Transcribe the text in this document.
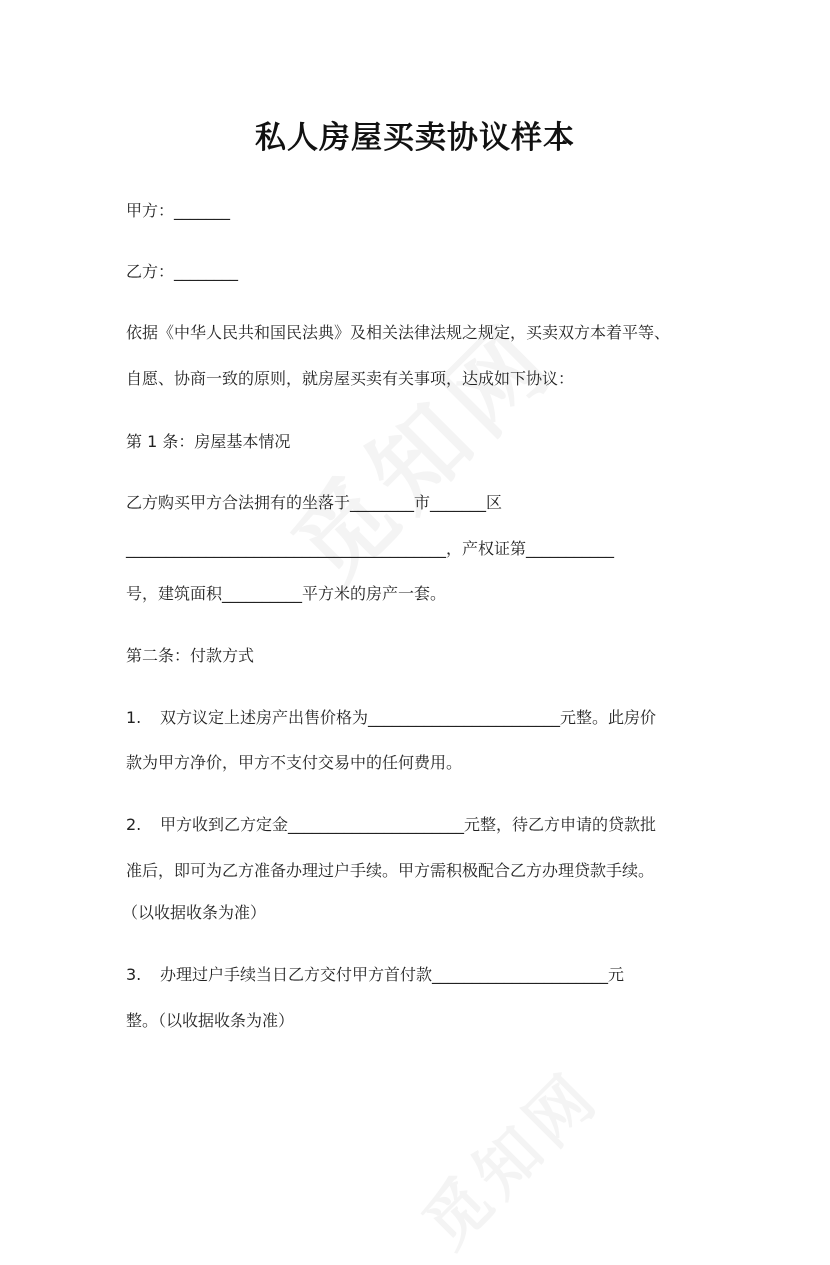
私人房屋买卖协议样本
甲方：_______
乙方：________
依据《中华人民共和国民法典》及相关法律法规之规定，买卖双方本着平等、
自愿、协商一致的原则，就房屋买卖有关事项，达成如下协议：
第 1 条：房屋基本情况
乙方购买甲方合法拥有的坐落于________市_______区
________________________________________，产权证第___________
号，建筑面积__________平方米的房产一套。
第二条：付款方式
1. 双方议定上述房产出售价格为________________________元整。此房价
款为甲方净价，甲方不支付交易中的任何费用。
2. 甲方收到乙方定金______________________元整，待乙方申请的贷款批
准后，即可为乙方准备办理过户手续。甲方需积极配合乙方办理贷款手续。
（以收据收条为准）
3. 办理过户手续当日乙方交付甲方首付款______________________元
整。（以收据收条为准）
